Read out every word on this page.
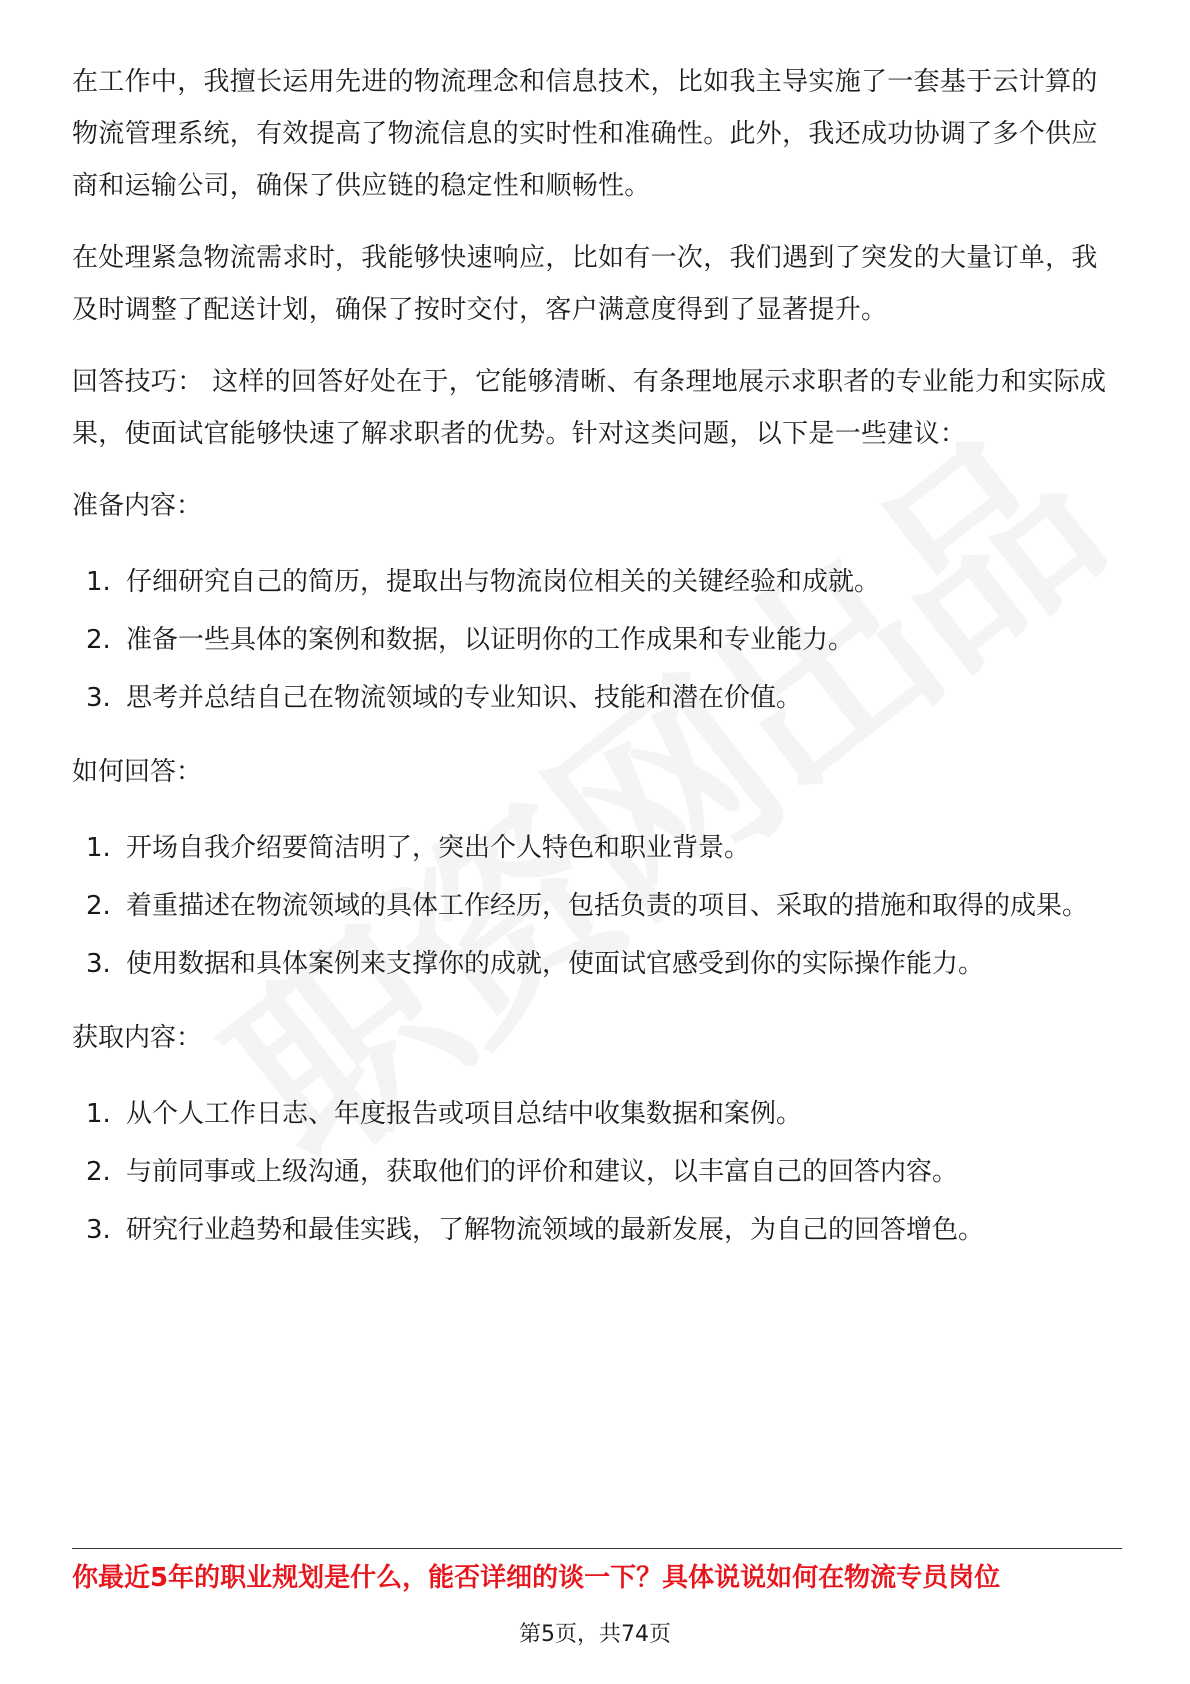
在工作中，我擅长运用先进的物流理念和信息技术，比如我主导实施了一套基于云计算的物流管理系统，有效提高了物流信息的实时性和准确性。此外，我还成功协调了多个供应商和运输公司，确保了供应链的稳定性和顺畅性。

在处理紧急物流需求时，我能够快速响应，比如有一次，我们遇到了突发的大量订单，我及时调整了配送计划，确保了按时交付，客户满意度得到了显著提升。

回答技巧： 这样的回答好处在于，它能够清晰、有条理地展示求职者的专业能力和实际成果，使面试官能够快速了解求职者的优势。针对这类问题，以下是一些建议：

准备内容：
1. 仔细研究自己的简历，提取出与物流岗位相关的关键经验和成就。
2. 准备一些具体的案例和数据，以证明你的工作成果和专业能力。
3. 思考并总结自己在物流领域的专业知识、技能和潜在价值。
如何回答：
1. 开场自我介绍要简洁明了，突出个人特色和职业背景。
2. 着重描述在物流领域的具体工作经历，包括负责的项目、采取的措施和取得的成果。
3. 使用数据和具体案例来支撑你的成就，使面试官感受到你的实际操作能力。
获取内容：
1. 从个人工作日志、年度报告或项目总结中收集数据和案例。
2. 与前同事或上级沟通，获取他们的评价和建议，以丰富自己的回答内容。
3. 研究行业趋势和最佳实践，了解物流领域的最新发展，为自己的回答增色。
你最近5年的职业规划是什么，能否详细的谈一下？具体说说如何在物流专员岗位
第5页，共74页
